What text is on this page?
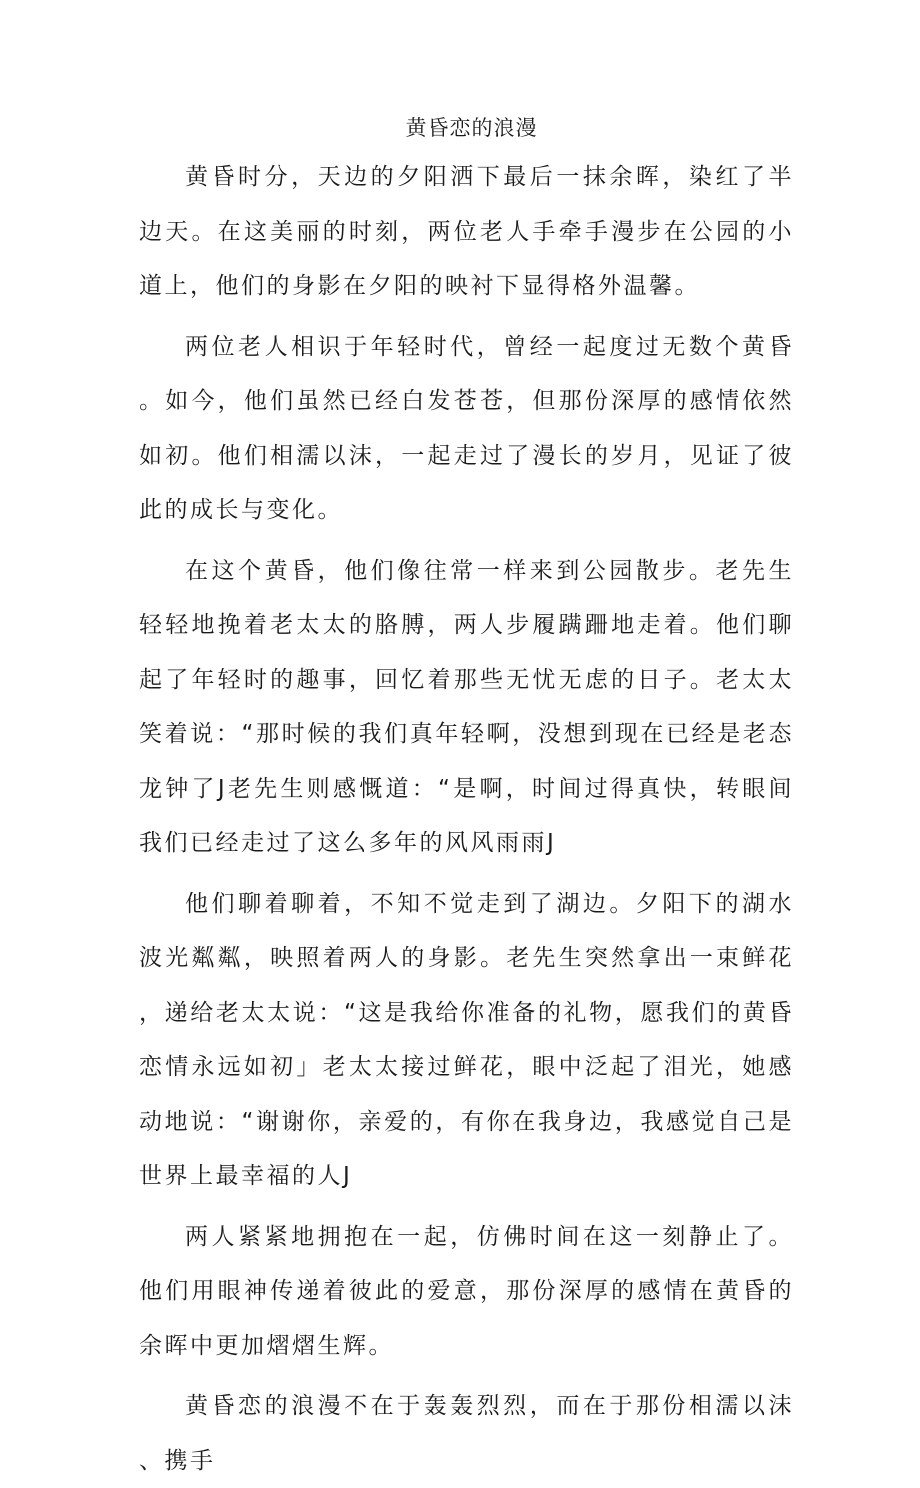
黄昏恋的浪漫

黄昏时分，天边的夕阳洒下最后一抹余晖，染红了半边天。在这美丽的时刻，两位老人手牵手漫步在公园的小道上，他们的身影在夕阳的映衬下显得格外温馨。

两位老人相识于年轻时代，曾经一起度过无数个黄昏。如今，他们虽然已经白发苍苍，但那份深厚的感情依然如初。他们相濡以沫，一起走过了漫长的岁月，见证了彼此的成长与变化。

在这个黄昏，他们像往常一样来到公园散步。老先生轻轻地挽着老太太的胳膊，两人步履蹒跚地走着。他们聊起了年轻时的趣事，回忆着那些无忧无虑的日子。老太太笑着说：“那时候的我们真年轻啊，没想到现在已经是老态龙钟了J老先生则感慨道：“是啊，时间过得真快，转眼间我们已经走过了这么多年的风风雨雨J

他们聊着聊着，不知不觉走到了湖边。夕阳下的湖水波光粼粼，映照着两人的身影。老先生突然拿出一束鲜花，递给老太太说：“这是我给你准备的礼物，愿我们的黄昏恋情永远如初」老太太接过鲜花，眼中泛起了泪光，她感动地说：“谢谢你，亲爱的，有你在我身边，我感觉自己是世界上最幸福的人J

两人紧紧地拥抱在一起，仿佛时间在这一刻静止了。他们用眼神传递着彼此的爱意，那份深厚的感情在黄昏的余晖中更加熠熠生辉。

黄昏恋的浪漫不在于轰轰烈烈，而在于那份相濡以沫、携手
